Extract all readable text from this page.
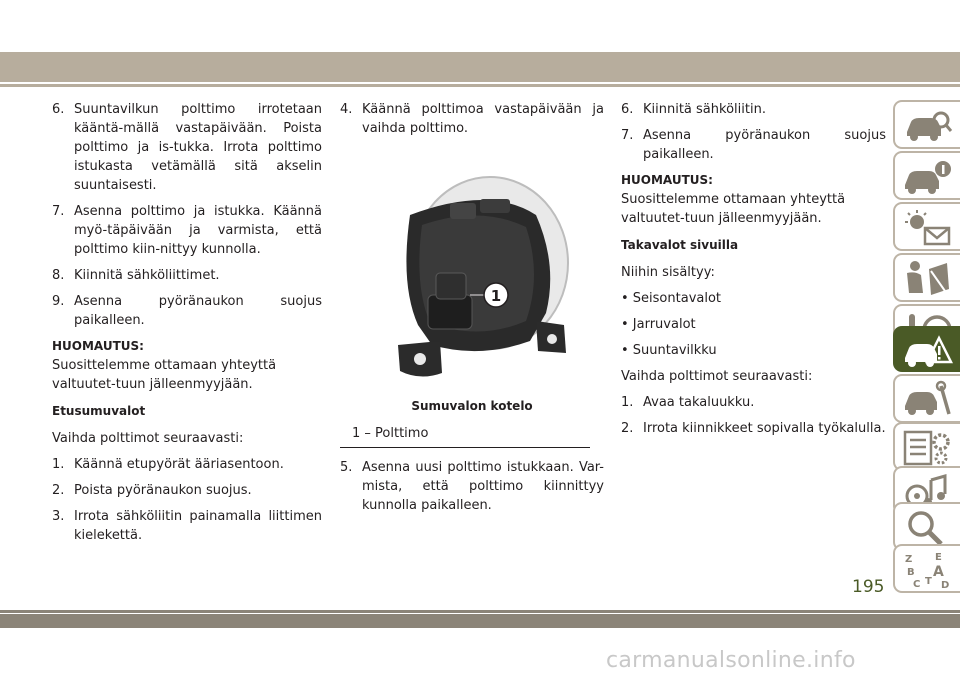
6. Suuntavilkun polttimo irrotetaan kääntä-mällä vastapäivään. Poista polttimo ja is-tukka. Irrota polttimo istukasta vetämällä sitä akselin suuntaisesti.
7. Asenna polttimo ja istukka. Käännä myö-täpäivään ja varmista, että polttimo kiin-nittyy kunnolla.
8. Kiinnitä sähköliittimet.
9. Asenna pyöränaukon suojus paikalleen.

HUOMAUTUS:

Suosittelemme ottamaan yhteyttä valtuutet-tuun jälleenmyyjään.

Etusumuvalot

Vaihda polttimot seuraavasti:

1. Käännä etupyörät ääriasentoon.
2. Poista pyöränaukon suojus.
3. Irrota sähköliitin painamalla liittimen kielekettä.
4. Käännä polttimoa vastapäivään ja vaihda polttimo.
1

Sumuvalon kotelo

1 – Polttimo
5. Asenna uusi polttimo istukkaan. Var-mista, että polttimo kiinnittyy kunnolla paikalleen.
6. Kiinnitä sähköliitin.
7. Asenna pyöränaukon suojus paikalleen.

HUOMAUTUS:

Suosittelemme ottamaan yhteyttä valtuutet-tuun jälleenmyyjään.

Takavalot sivuilla

Niihin sisältyy:

• Seisontavalot

• Jarruvalot

• Suuntavilkku

Vaihda polttimot seuraavasti:

1. Avaa takaluukku.
2. Irrota kiinnikkeet sopivalla työkalulla.
Z E
B A
C T D
195
carmanualsonline.info
